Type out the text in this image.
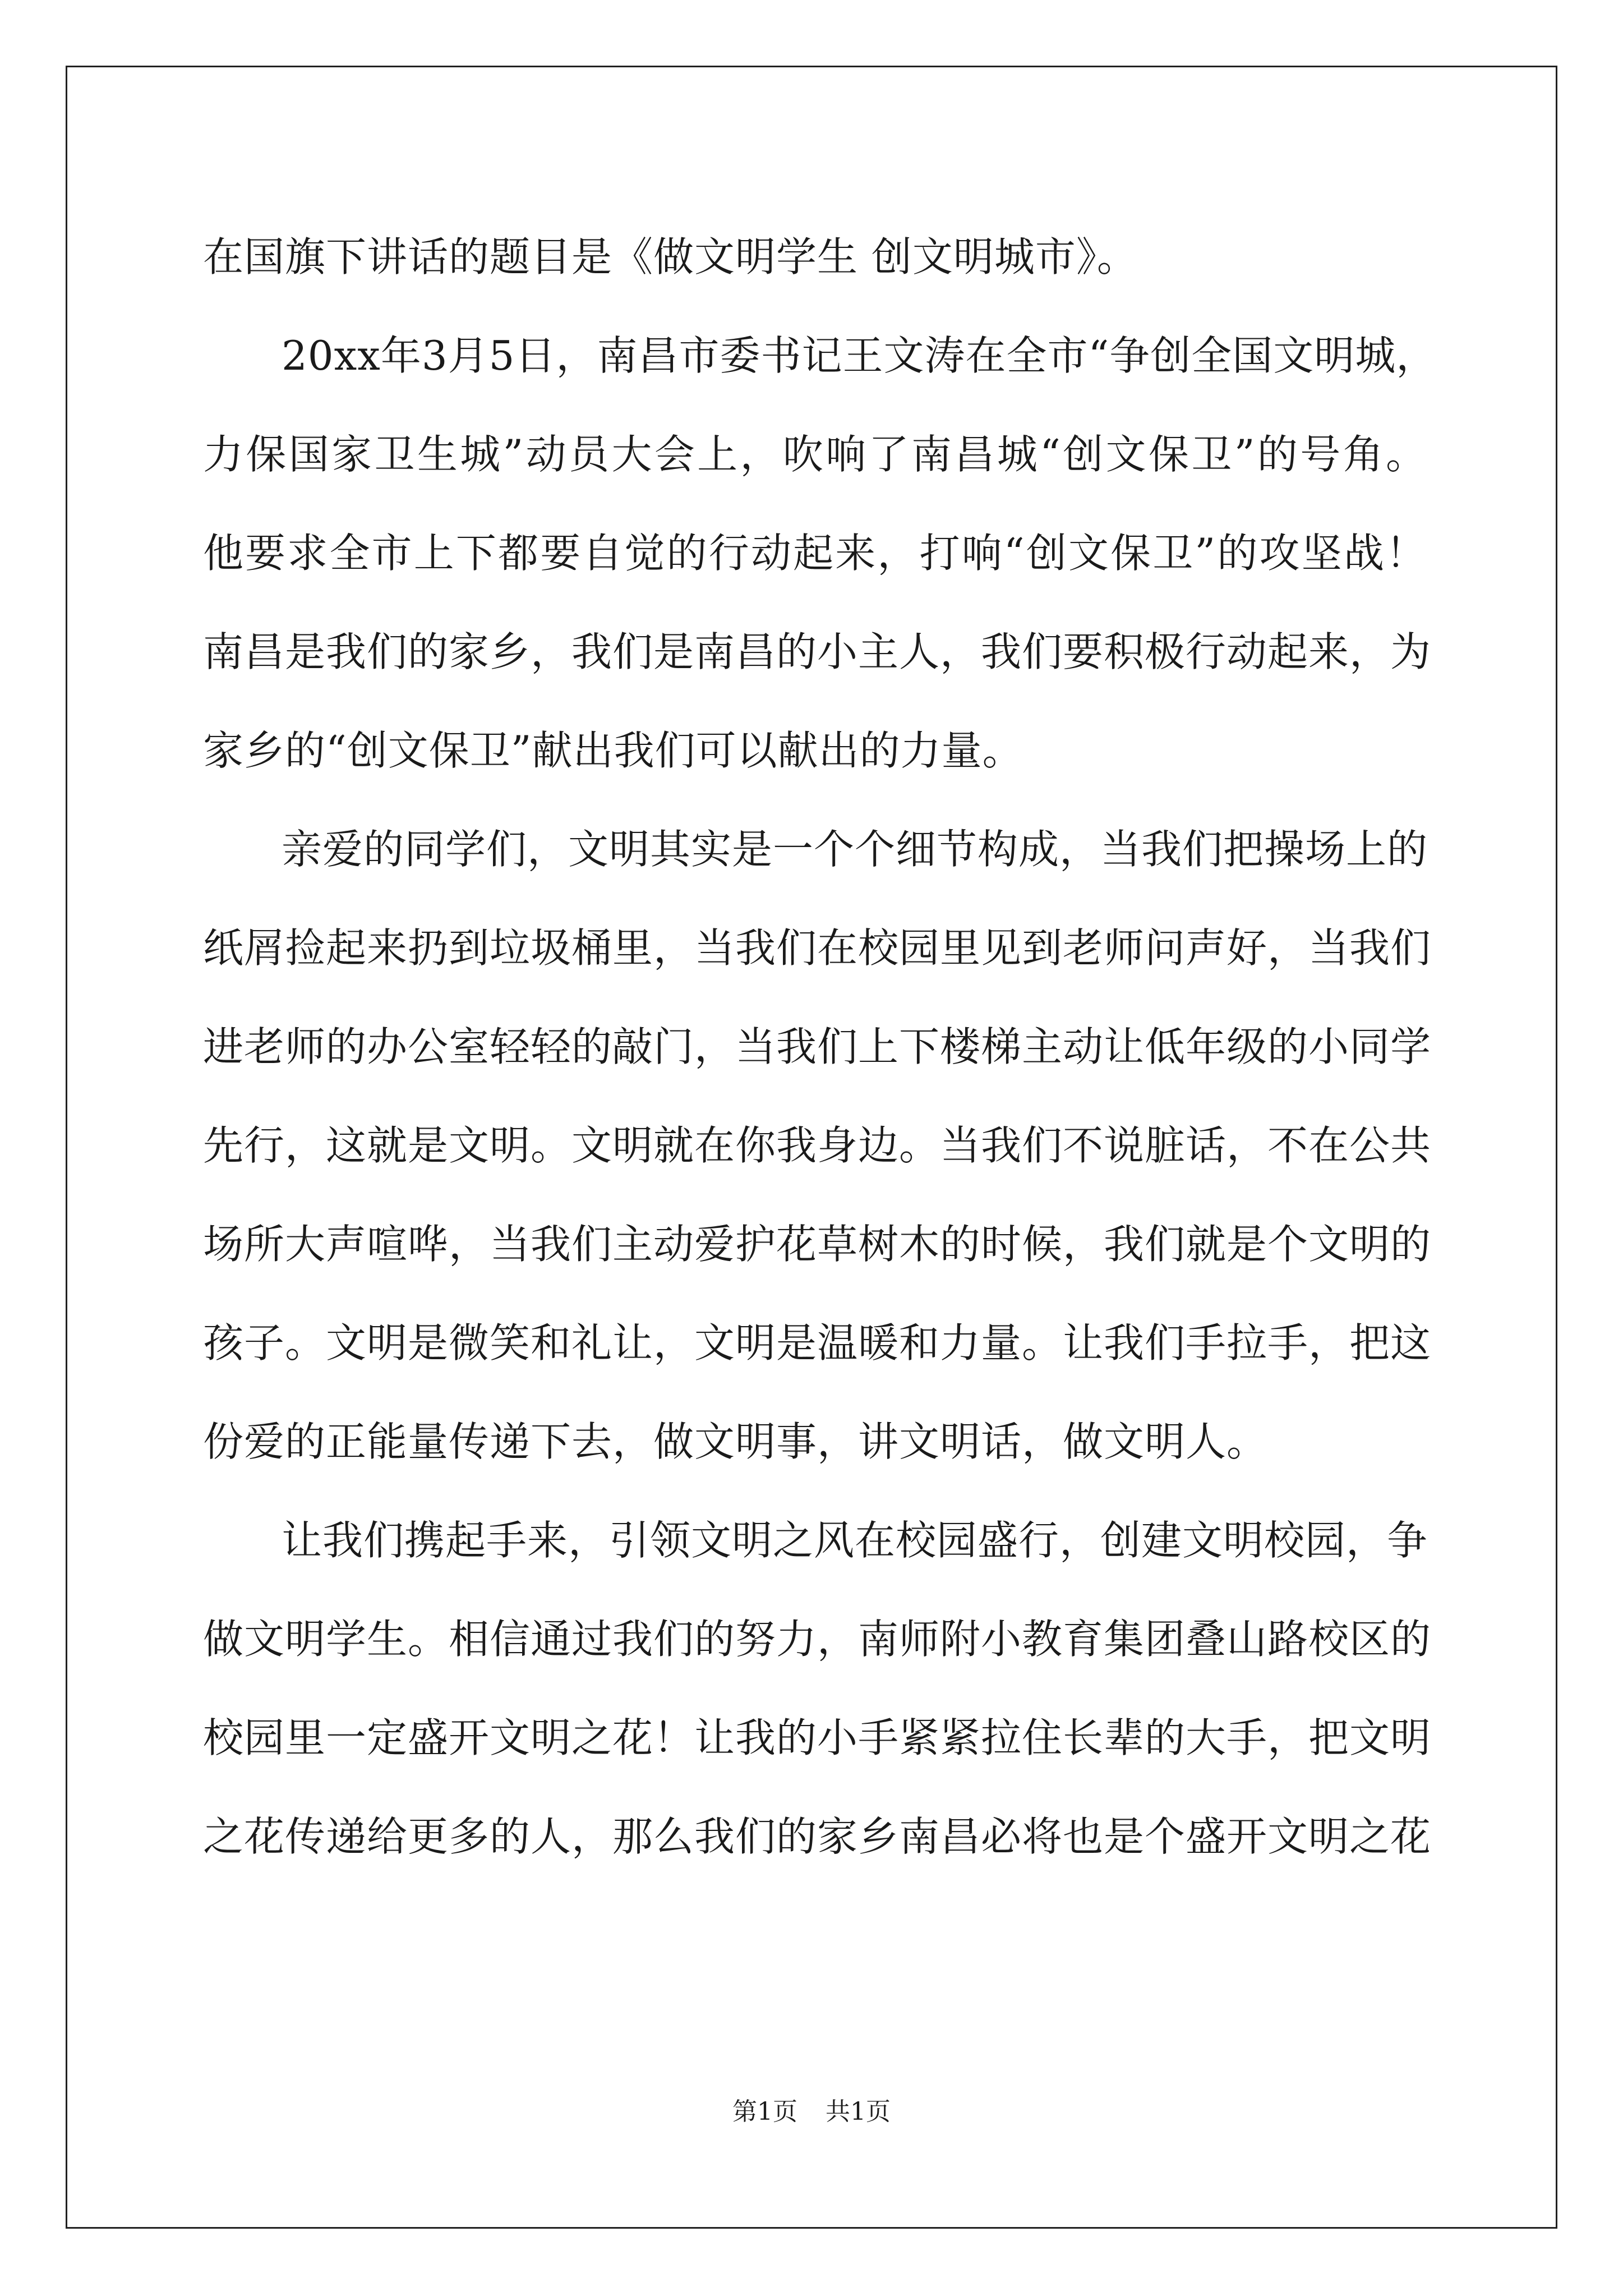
在国旗下讲话的题目是《做文明学生 创文明城市》。
20xx年3月5日，南昌市委书记王文涛在全市“争创全国文明城，
力保国家卫生城”动员大会上，吹响了南昌城“创文保卫”的号角。
他要求全市上下都要自觉的行动起来，打响“创文保卫”的攻坚战！
南昌是我们的家乡，我们是南昌的小主人，我们要积极行动起来，为
家乡的“创文保卫”献出我们可以献出的力量。
亲爱的同学们，文明其实是一个个细节构成，当我们把操场上的
纸屑捡起来扔到垃圾桶里，当我们在校园里见到老师问声好，当我们
进老师的办公室轻轻的敲门，当我们上下楼梯主动让低年级的小同学
先行，这就是文明。文明就在你我身边。当我们不说脏话，不在公共
场所大声喧哗，当我们主动爱护花草树木的时候，我们就是个文明的
孩子。文明是微笑和礼让，文明是温暖和力量。让我们手拉手，把这
份爱的正能量传递下去，做文明事，讲文明话，做文明人。
让我们携起手来，引领文明之风在校园盛行，创建文明校园，争
做文明学生。相信通过我们的努力，南师附小教育集团叠山路校区的
校园里一定盛开文明之花！让我的小手紧紧拉住长辈的大手，把文明
之花传递给更多的人，那么我们的家乡南昌必将也是个盛开文明之花
第1页 共1页
